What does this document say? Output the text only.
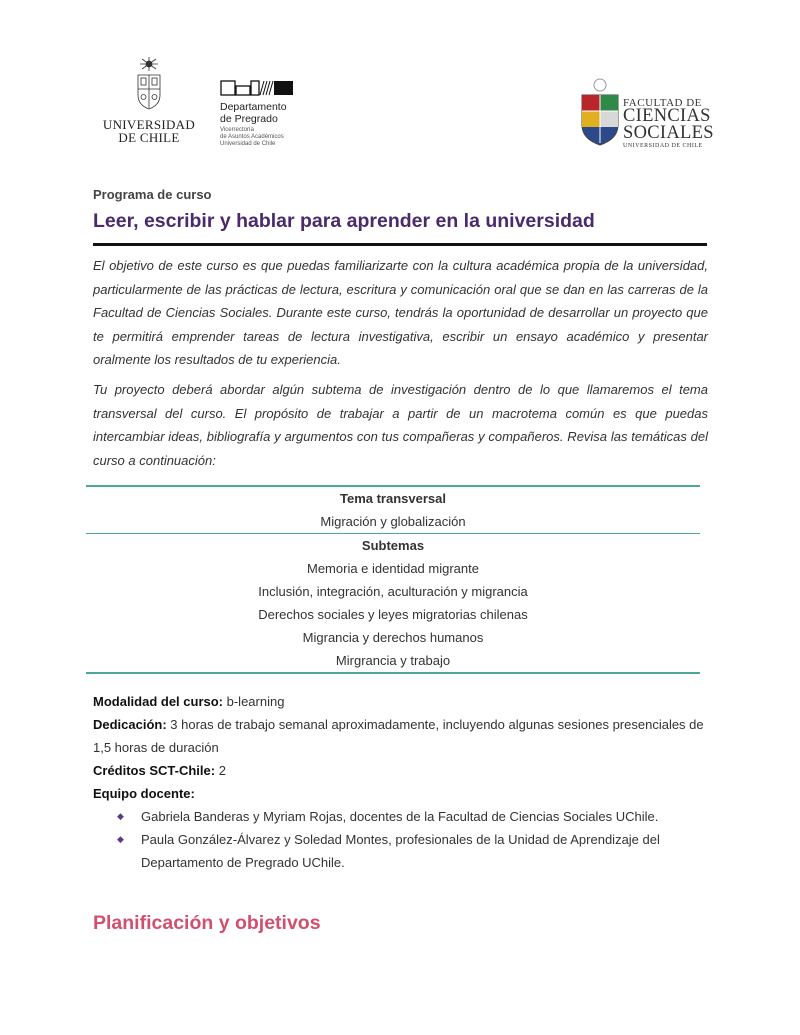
UNIVERSIDAD
DE CHILE
Departamento
de Pregrado
Vicerrectoría
de Asuntos Académicos
Universidad de Chile
FACULTAD DE
CIENCIAS
SOCIALES
UNIVERSIDAD DE CHILE
Programa de curso
Leer, escribir y hablar para aprender en la universidad

El objetivo de este curso es que puedas familiarizarte con la cultura académica propia de la universidad, particularmente de las prácticas de lectura, escritura y comunicación oral que se dan en las carreras de la Facultad de Ciencias Sociales. Durante este curso, tendrás la oportunidad de desarrollar un proyecto que te permitirá emprender tareas de lectura investigativa, escribir un ensayo académico y presentar oralmente los resultados de tu experiencia.

Tu proyecto deberá abordar algún subtema de investigación dentro de lo que llamaremos el tema transversal del curso. El propósito de trabajar a partir de un macrotema común es que puedas intercambiar ideas, bibliografía y argumentos con tus compañeras y compañeros. Revisa las temáticas del curso a continuación:

Tema transversal
Migración y globalización
Subtemas
Memoria e identidad migrante
Inclusión, integración, aculturación y migrancia
Derechos sociales y leyes migratorias chilenas
Migrancia y derechos humanos
Mirgrancia y trabajo
Modalidad del curso: b-learning
Dedicación: 3 horas de trabajo semanal aproximadamente, incluyendo algunas sesiones presenciales de 1,5 horas de duración
Créditos SCT-Chile: 2
Equipo docente:
◆ Gabriela Banderas y Myriam Rojas, docentes de la Facultad de Ciencias Sociales UChile.
◆ Paula González-Álvarez y Soledad Montes, profesionales de la Unidad de Aprendizaje del Departamento de Pregrado UChile.
Planificación y objetivos
